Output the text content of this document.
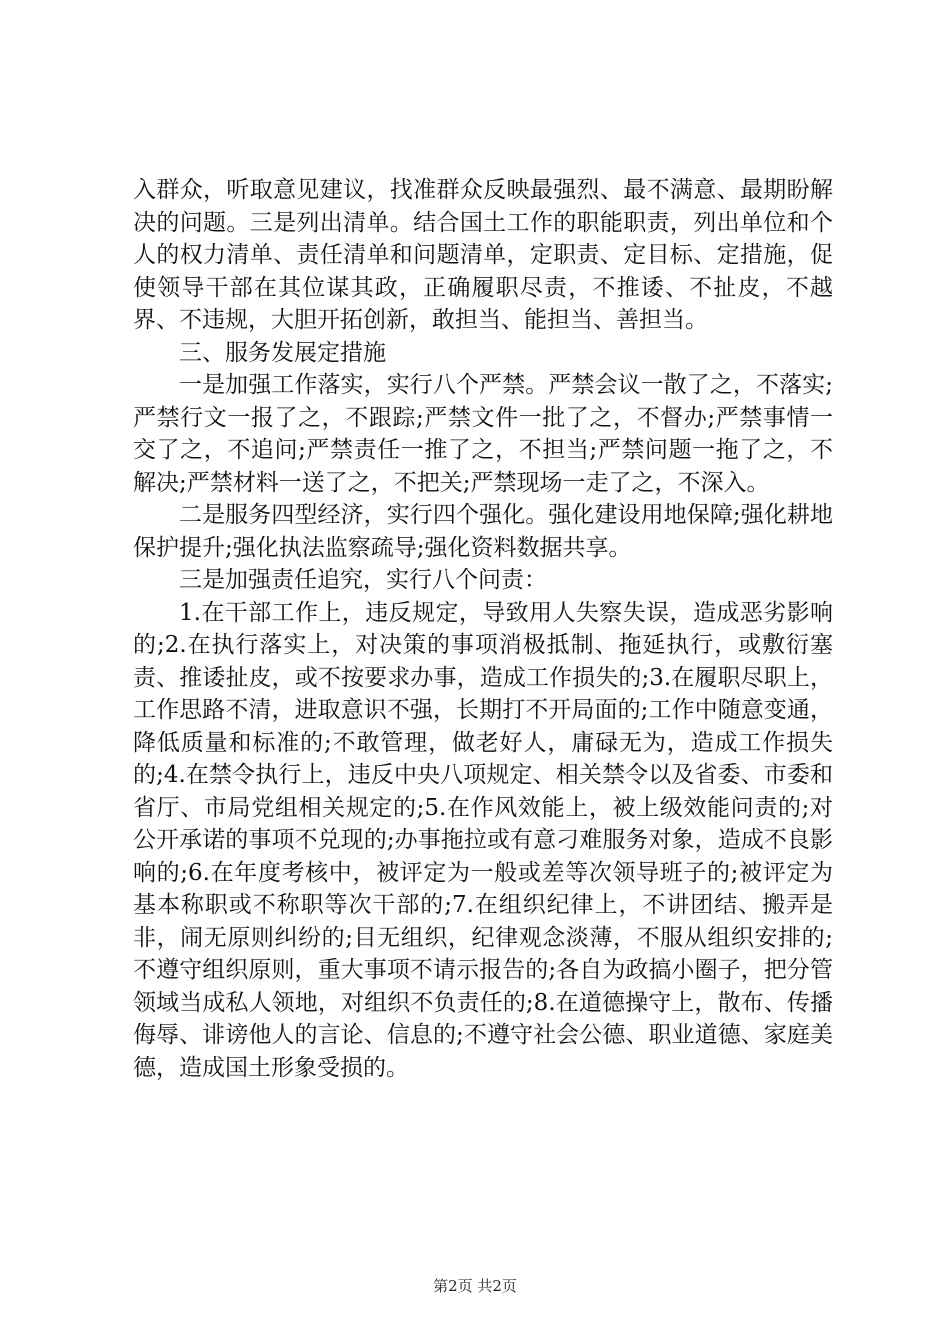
入群众，听取意见建议，找准群众反映最强烈、最不满意、最期盼解决的问题。三是列出清单。结合国土工作的职能职责，列出单位和个人的权力清单、责任清单和问题清单，定职责、定目标、定措施，促使领导干部在其位谋其政，正确履职尽责，不推诿、不扯皮，不越界、不违规，大胆开拓创新，敢担当、能担当、善担当。

三、服务发展定措施

一是加强工作落实，实行八个严禁。严禁会议一散了之，不落实;严禁行文一报了之，不跟踪;严禁文件一批了之，不督办;严禁事情一交了之，不追问;严禁责任一推了之，不担当;严禁问题一拖了之，不解决;严禁材料一送了之，不把关;严禁现场一走了之，不深入。

二是服务四型经济，实行四个强化。强化建设用地保障;强化耕地保护提升;强化执法监察疏导;强化资料数据共享。

三是加强责任追究，实行八个问责：

1.在干部工作上，违反规定，导致用人失察失误，造成恶劣影响的;2.在执行落实上，对决策的事项消极抵制、拖延执行，或敷衍塞责、推诿扯皮，或不按要求办事，造成工作损失的;3.在履职尽职上，工作思路不清，进取意识不强，长期打不开局面的;工作中随意变通，降低质量和标准的;不敢管理，做老好人，庸碌无为，造成工作损失的;4.在禁令执行上，违反中央八项规定、相关禁令以及省委、市委和省厅、市局党组相关规定的;5.在作风效能上，被上级效能问责的;对公开承诺的事项不兑现的;办事拖拉或有意刁难服务对象，造成不良影响的;6.在年度考核中，被评定为一般或差等次领导班子的;被评定为基本称职或不称职等次干部的;7.在组织纪律上，不讲团结、搬弄是非，闹无原则纠纷的;目无组织，纪律观念淡薄，不服从组织安排的;不遵守组织原则，重大事项不请示报告的;各自为政搞小圈子，把分管领域当成私人领地，对组织不负责任的;8.在道德操守上，散布、传播侮辱、诽谤他人的言论、信息的;不遵守社会公德、职业道德、家庭美德，造成国土形象受损的。

第2页 共2页
